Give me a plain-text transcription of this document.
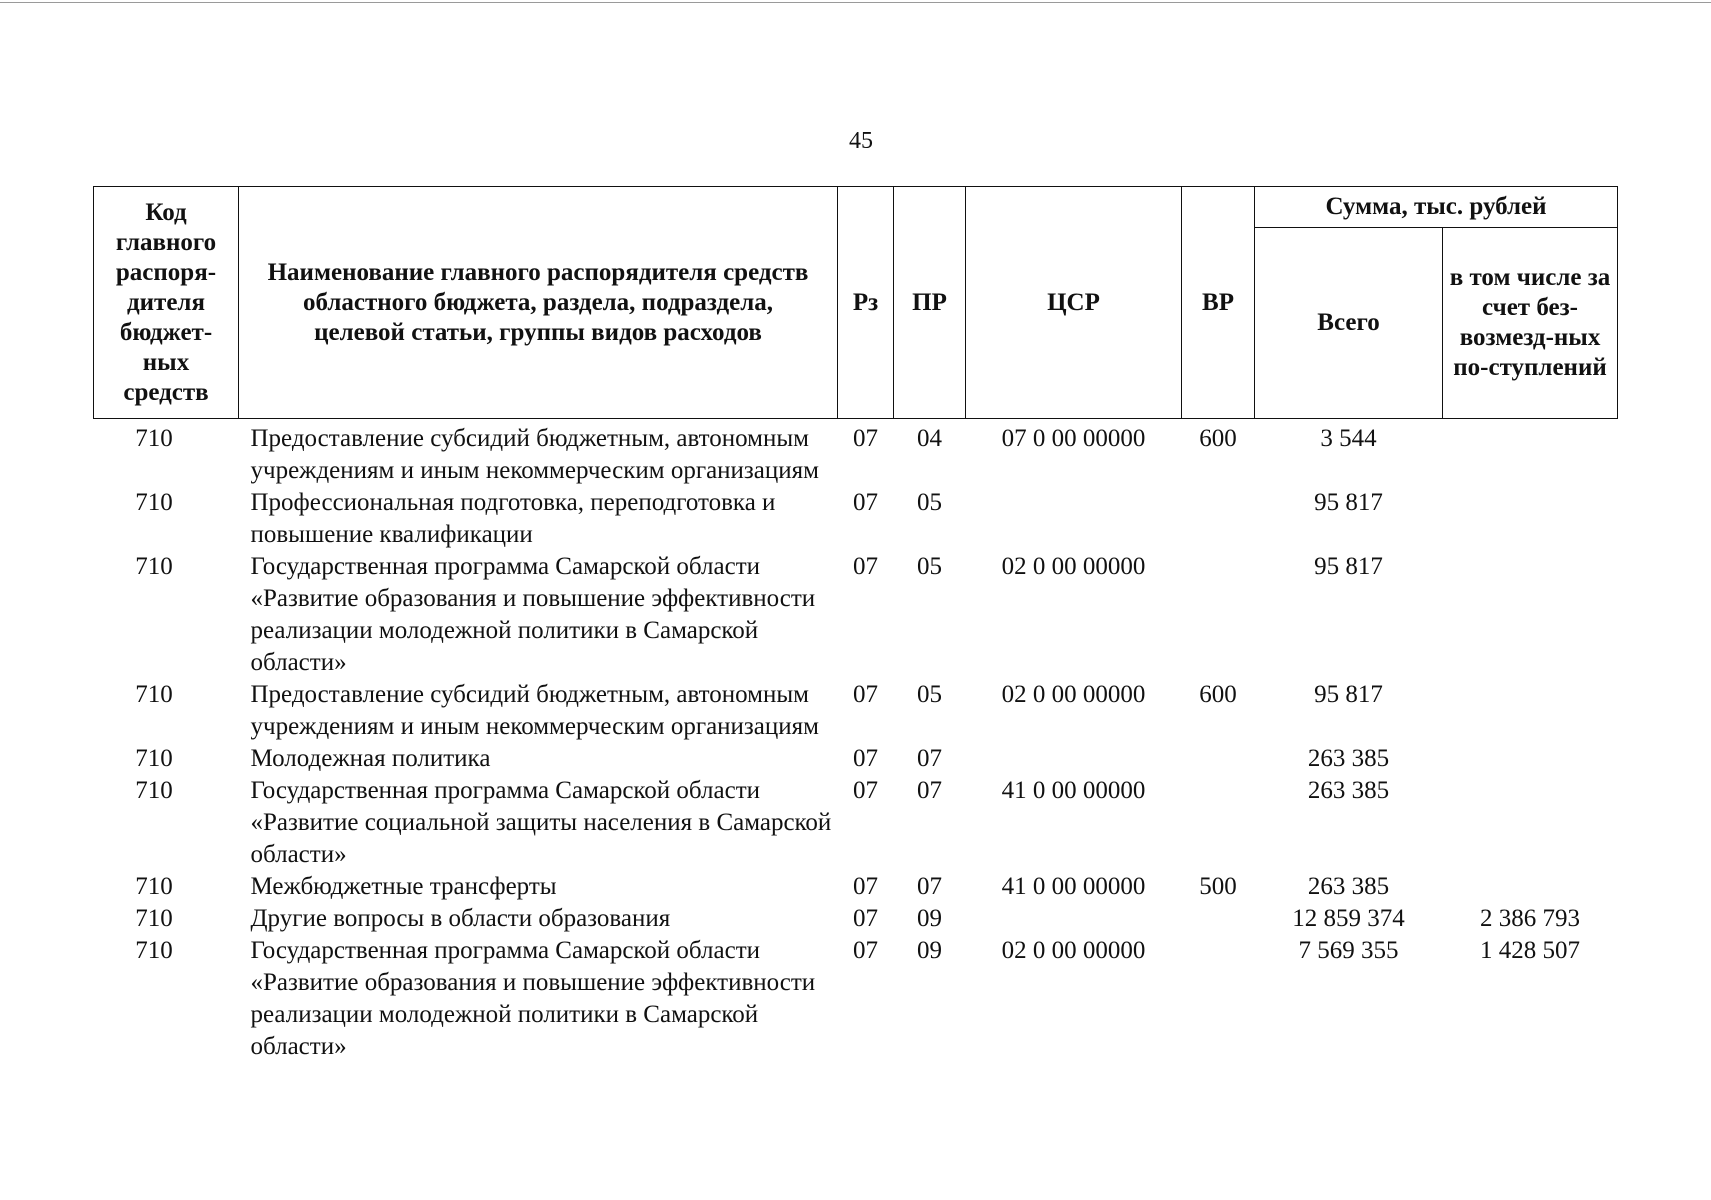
45
Код главного распоря-дителя бюджет-ных средств	Наименование главного распорядителя средств областного бюджета, раздела, подраздела, целевой статьи, группы видов расходов	Рз	ПР	ЦСР	ВР	Сумма, тыс. рублей	
						Всего	в том числе за счет без-возмезд-ных по-ступлений
710	Предоставление субсидий бюджетным, автономным учреждениям и иным некоммерческим организациям	07	04	07 0 00 00000	600	3 544	
710	Профессиональная подготовка, переподготовка и повышение квалификации	07	05			95 817	
710	Государственная программа Самарской области «Развитие образования и повышение эффективности реализации молодежной политики в Самарской области»	07	05	02 0 00 00000		95 817	
710	Предоставление субсидий бюджетным, автономным учреждениям и иным некоммерческим организациям	07	05	02 0 00 00000	600	95 817	
710	Молодежная политика	07	07			263 385	
710	Государственная программа Самарской области «Развитие социальной защиты населения в Самарской области»	07	07	41 0 00 00000		263 385	
710	Межбюджетные трансферты	07	07	41 0 00 00000	500	263 385	
710	Другие вопросы в области образования	07	09			12 859 374	2 386 793
710	Государственная программа Самарской области «Развитие образования и повышение эффективности реализации молодежной политики в Самарской области»	07	09	02 0 00 00000		7 569 355	1 428 507
